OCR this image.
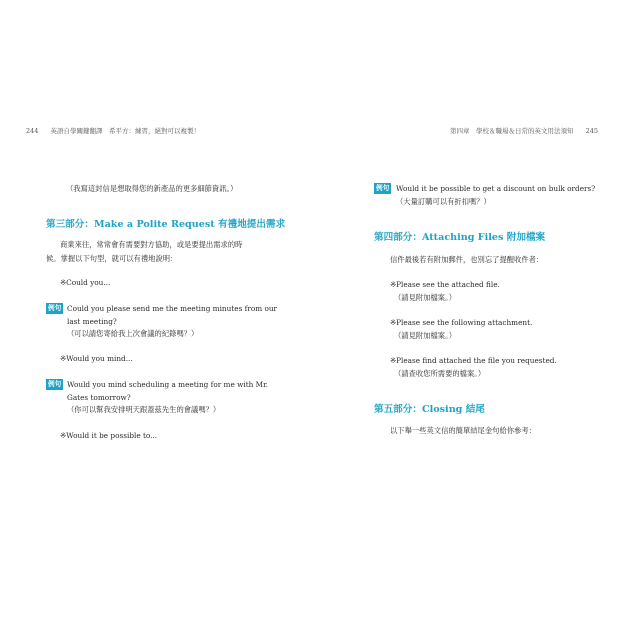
244 英語自學關鍵翻譯　希平方：練習，絕對可以複製！
（我寫這封信是想取得您的新產品的更多細節資訊。）
第三部分：Make a Polite Request 有禮地提出需求
商業來往，常常會有需要對方協助，或是要提出需求的時
候。掌握以下句型，就可以有禮地說明：
※Could you...
例句 Could you please send me the meeting minutes from our
last meeting?
（可以請您寄給我上次會議的紀錄嗎？）
※Would you mind...
例句 Would you mind scheduling a meeting for me with Mr.
Gates tomorrow?
（你可以幫我安排明天跟蓋茲先生的會議嗎？）
※Would it be possible to...
第四章　學校＆職場＆日常的英文用法須知 245
例句 Would it be possible to get a discount on bulk orders?
（大量訂購可以有折扣嗎？）
第四部分：Attaching Files 附加檔案
信件最後若有附加郵件，也別忘了提醒收件者：
※Please see the attached file.
（請見附加檔案。）
※Please see the following attachment.
（請見附加檔案。）
※Please find attached the file you requested.
（請查收您所需要的檔案。）
第五部分：Closing 結尾
以下舉一些英文信的簡單結尾金句給你參考：
